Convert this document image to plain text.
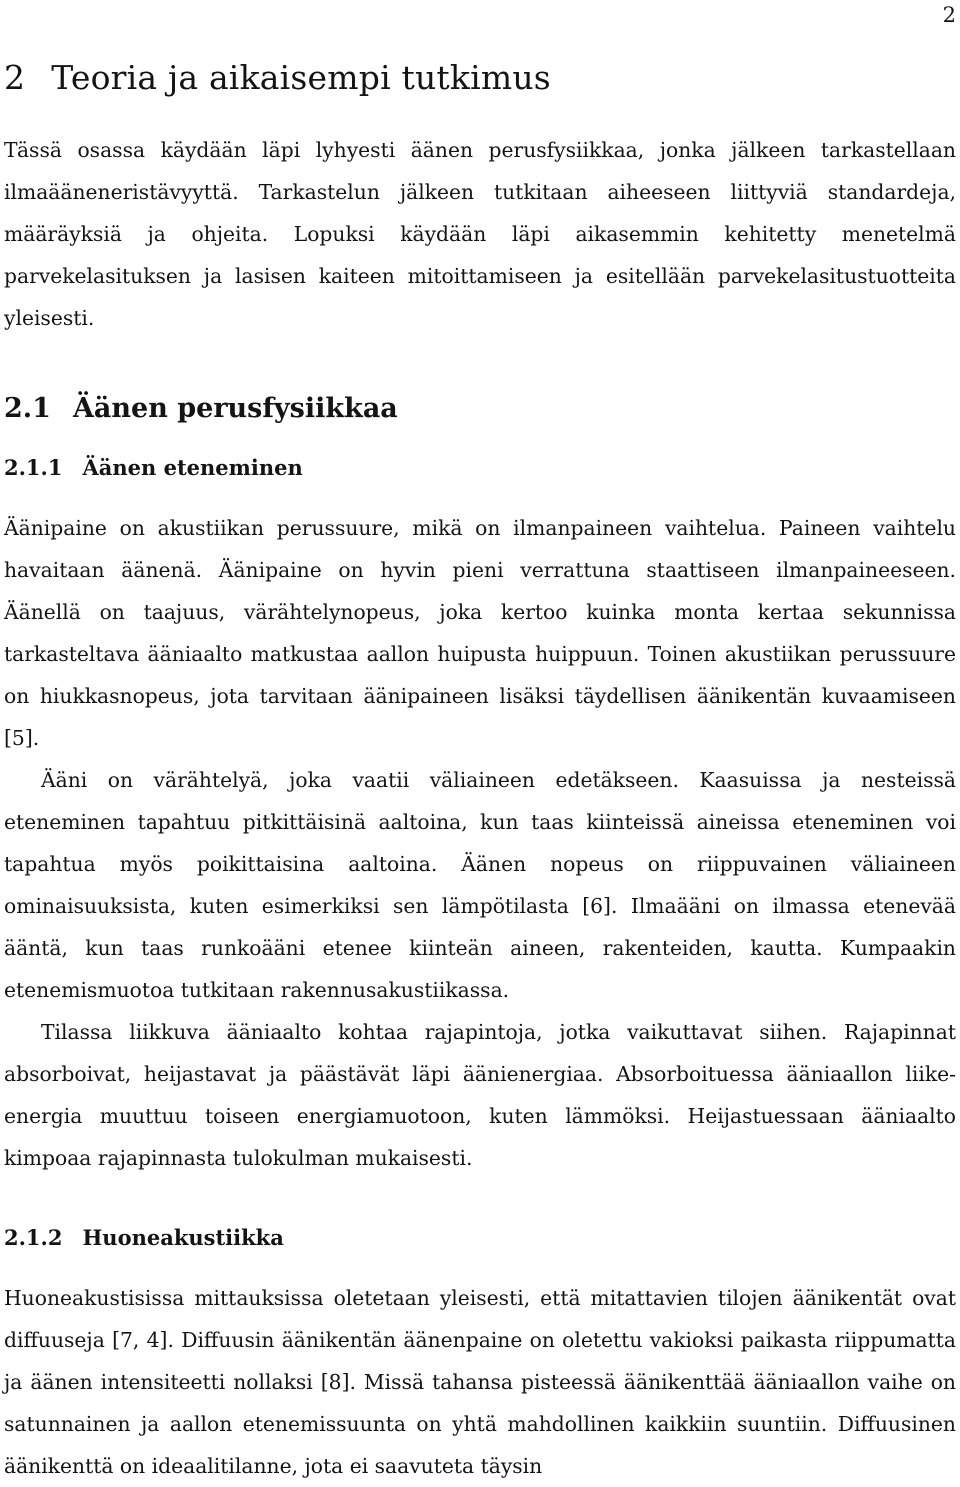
2
2 Teoria ja aikaisempi tutkimus

Tässä osassa käydään läpi lyhyesti äänen perusfysiikkaa, jonka jälkeen tarkastellaan ilmaääneneristävyyttä. Tarkastelun jälkeen tutkitaan aiheeseen liittyviä standardeja, määräyksiä ja ohjeita. Lopuksi käydään läpi aikasemmin kehitetty menetelmä parvekelasituksen ja lasisen kaiteen mitoittamiseen ja esitellään parvekelasitustuotteita yleisesti.

2.1 Äänen perusfysiikkaa
2.1.1 Äänen eteneminen

Äänipaine on akustiikan perussuure, mikä on ilmanpaineen vaihtelua. Paineen vaihtelu havaitaan äänenä. Äänipaine on hyvin pieni verrattuna staattiseen ilmanpaineeseen. Äänellä on taajuus, värähtelynopeus, joka kertoo kuinka monta kertaa sekunnissa tarkasteltava ääniaalto matkustaa aallon huipusta huippuun. Toinen akustiikan perussuure on hiukkasnopeus, jota tarvitaan äänipaineen lisäksi täydellisen äänikentän kuvaamiseen [5].

Ääni on värähtelyä, joka vaatii väliaineen edetäkseen. Kaasuissa ja nesteissä eteneminen tapahtuu pitkittäisinä aaltoina, kun taas kiinteissä aineissa eteneminen voi tapahtua myös poikittaisina aaltoina. Äänen nopeus on riippuvainen väliaineen ominaisuuksista, kuten esimerkiksi sen lämpötilasta [6]. Ilmaääni on ilmassa etenevää ääntä, kun taas runkoääni etenee kiinteän aineen, rakenteiden, kautta. Kumpaakin etenemismuotoa tutkitaan rakennusakustiikassa.

Tilassa liikkuva ääniaalto kohtaa rajapintoja, jotka vaikuttavat siihen. Rajapinnat absorboivat, heijastavat ja päästävät läpi äänienergiaa. Absorboituessa ääniaallon liike-energia muuttuu toiseen energiamuotoon, kuten lämmöksi. Heijastuessaan ääniaalto kimpoaa rajapinnasta tulokulman mukaisesti.

2.1.2 Huoneakustiikka

Huoneakustisissa mittauksissa oletetaan yleisesti, että mitattavien tilojen äänikentät ovat diffuuseja [7, 4]. Diffuusin äänikentän äänenpaine on oletettu vakioksi paikasta riippumatta ja äänen intensiteetti nollaksi [8]. Missä tahansa pisteessä äänikenttää ääniaallon vaihe on satunnainen ja aallon etenemissuunta on yhtä mahdollinen kaikkiin suuntiin. Diffuusinen äänikenttä on ideaalitilanne, jota ei saavuteta täysin
